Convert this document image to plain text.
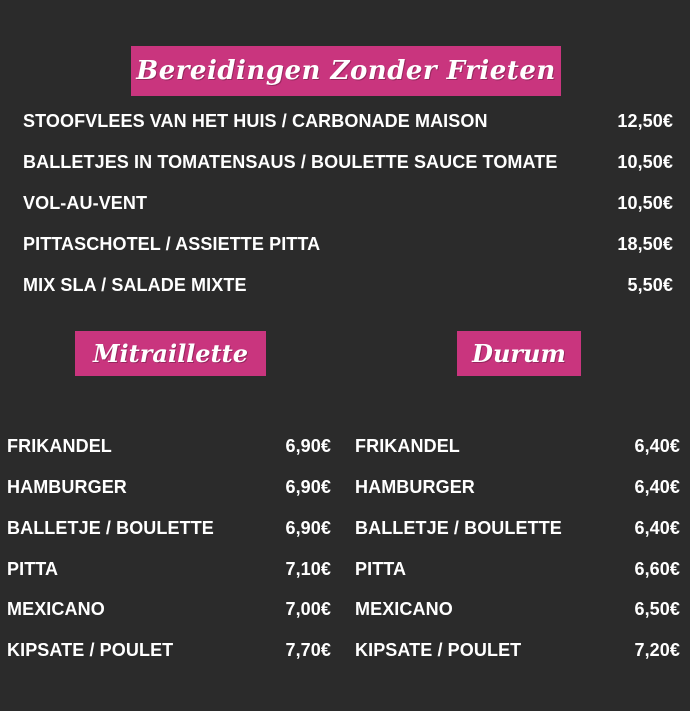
Bereidingen Zonder Frieten
STOOFVLEES VAN HET HUIS / CARBONADE MAISON	12,50€
BALLETJES IN TOMATENSAUS / BOULETTE SAUCE TOMATE	10,50€
VOL-AU-VENT	10,50€
PITTASCHOTEL / ASSIETTE PITTA	18,50€
MIX SLA / SALADE MIXTE	5,50€
Mitraillette	Durum
FRIKANDEL	6,90€
HAMBURGER	6,90€
BALLETJE / BOULETTE	6,90€
PITTA	7,10€
MEXICANO	7,00€
KIPSATE / POULET	7,70€
FRIKANDEL	6,40€
HAMBURGER	6,40€
BALLETJE / BOULETTE	6,40€
PITTA	6,60€
MEXICANO	6,50€
KIPSATE / POULET	7,20€
